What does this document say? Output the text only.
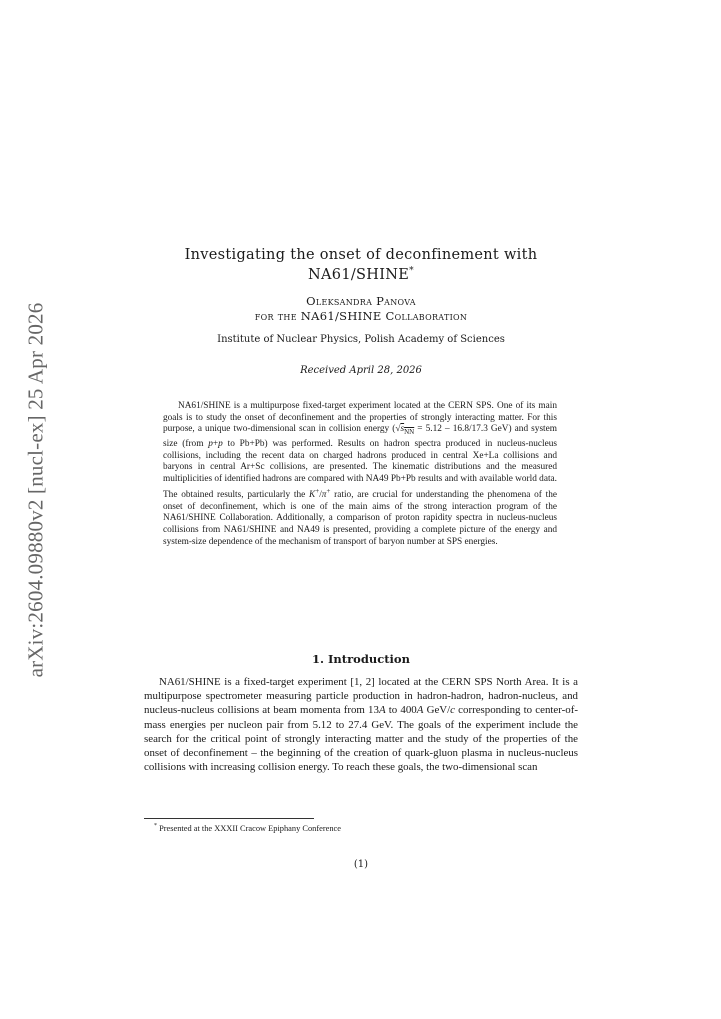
arXiv:2604.09880v2 [nucl-ex] 25 Apr 2026
Investigating the onset of deconfinement with
NA61/SHINE*
Oleksandra Panova
for the NA61/SHINE Collaboration
Institute of Nuclear Physics, Polish Academy of Sciences
Received April 28, 2026

NA61/SHINE is a multipurpose fixed-target experiment located at the CERN SPS. One of its main goals is to study the onset of deconfinement and the properties of strongly interacting matter. For this purpose, a unique two-dimensional scan in collision energy ($√s_{NN} = 5.12 - 16.8/17.3$ GeV) and system size (from p+p to Pb+Pb) was performed. Results on hadron spectra produced in nucleus-nucleus collisions, including the recent data on charged hadrons produced in central Xe+La collisions and baryons in central Ar+Sc collisions, are presented. The kinematic distributions and the measured multiplicities of identified hadrons are compared with NA49 Pb+Pb results and with available world data. The obtained results, particularly the K+/π+ ratio, are crucial for understanding the phenomena of the onset of deconfinement, which is one of the main aims of the strong interaction program of the NA61/SHINE Collaboration. Additionally, a comparison of proton rapidity spectra in nucleus-nucleus collisions from NA61/SHINE and NA49 is presented, providing a complete picture of the energy and system-size dependence of the mechanism of transport of baryon number at SPS energies.

1. Introduction

NA61/SHINE is a fixed-target experiment [1, 2] located at the CERN SPS North Area. It is a multipurpose spectrometer measuring particle production in hadron-hadron, hadron-nucleus, and nucleus-nucleus collisions at beam momenta from 13A to 400A GeV/c corresponding to center-of-mass energies per nucleon pair from 5.12 to 27.4 GeV. The goals of the experiment include the search for the critical point of strongly interacting matter and the study of the properties of the onset of deconfinement – the beginning of the creation of quark-gluon plasma in nucleus-nucleus collisions with increasing collision energy. To reach these goals, the two-dimensional scan

* Presented at the XXXII Cracow Epiphany Conference
(1)
